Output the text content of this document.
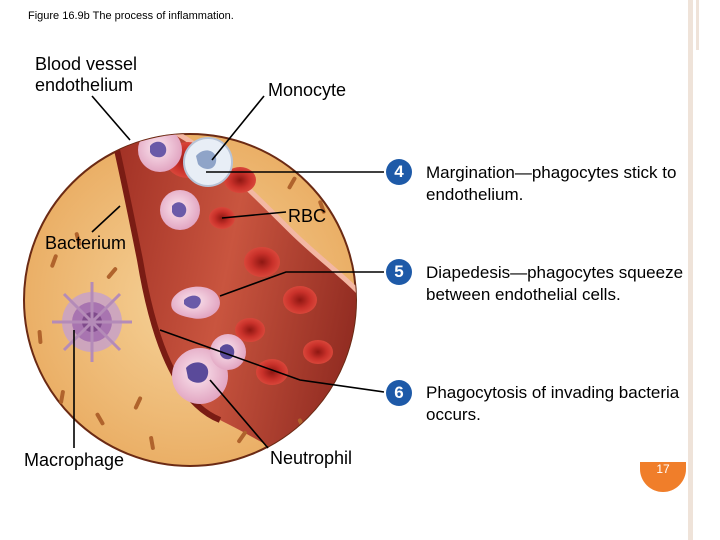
Figure 16.9b The process of inflammation.
Blood vessel endothelium	Monocyte
RBC
Bacterium
Macrophage	Neutrophil
4	Margination—phagocytes stick to endothelium.
5	Diapedesis—phagocytes squeeze between endothelial cells.
6	Phagocytosis of invading bacteria occurs.
17
